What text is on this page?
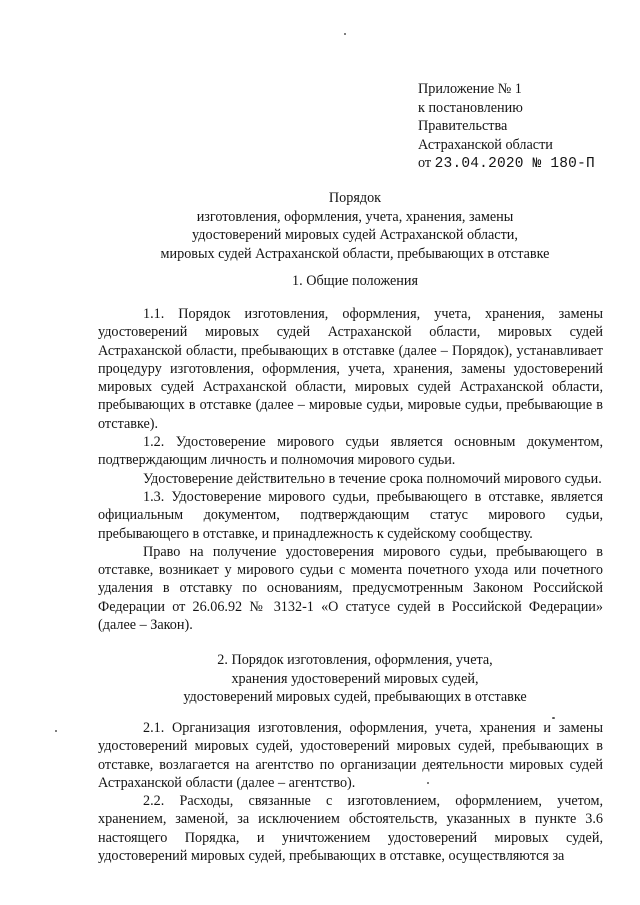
Приложение № 1
к постановлению
Правительства
Астраханской области
от 23.04.2020 № 180-П
Порядок
изготовления, оформления, учета, хранения, замены
удостоверений мировых судей Астраханской области,
мировых судей Астраханской области, пребывающих в отставке
1. Общие положения

1.1. Порядок изготовления, оформления, учета, хранения, замены удостоверений мировых судей Астраханской области, мировых судей Астраханской области, пребывающих в отставке (далее – Порядок), устанавливает процедуру изготовления, оформления, учета, хранения, замены удостоверений мировых судей Астраханской области, мировых судей Астраханской области, пребывающих в отставке (далее – мировые судьи, мировые судьи, пребывающие в отставке).

1.2. Удостоверение мирового судьи является основным документом, подтверждающим личность и полномочия мирового судьи.

Удостоверение действительно в течение срока полномочий мирового судьи.

1.3. Удостоверение мирового судьи, пребывающего в отставке, является официальным документом, подтверждающим статус мирового судьи, пребывающего в отставке, и принадлежность к судейскому сообществу.

Право на получение удостоверения мирового судьи, пребывающего в отставке, возникает у мирового судьи с момента почетного ухода или почетного удаления в отставку по основаниям, предусмотренным Законом Российской Федерации от 26.06.92 № 3132-1 «О статусе судей в Российской Федерации» (далее – Закон).

2. Порядок изготовления, оформления, учета,
хранения удостоверений мировых судей,
удостоверений мировых судей, пребывающих в отставке

2.1. Организация изготовления, оформления, учета, хранения и замены удостоверений мировых судей, удостоверений мировых судей, пребывающих в отставке, возлагается на агентство по организации деятельности мировых судей Астраханской области (далее – агентство).

2.2. Расходы, связанные с изготовлением, оформлением, учетом, хранением, заменой, за исключением обстоятельств, указанных в пункте 3.6 настоящего Порядка, и уничтожением удостоверений мировых судей, удостоверений мировых судей, пребывающих в отставке, осуществляются за
